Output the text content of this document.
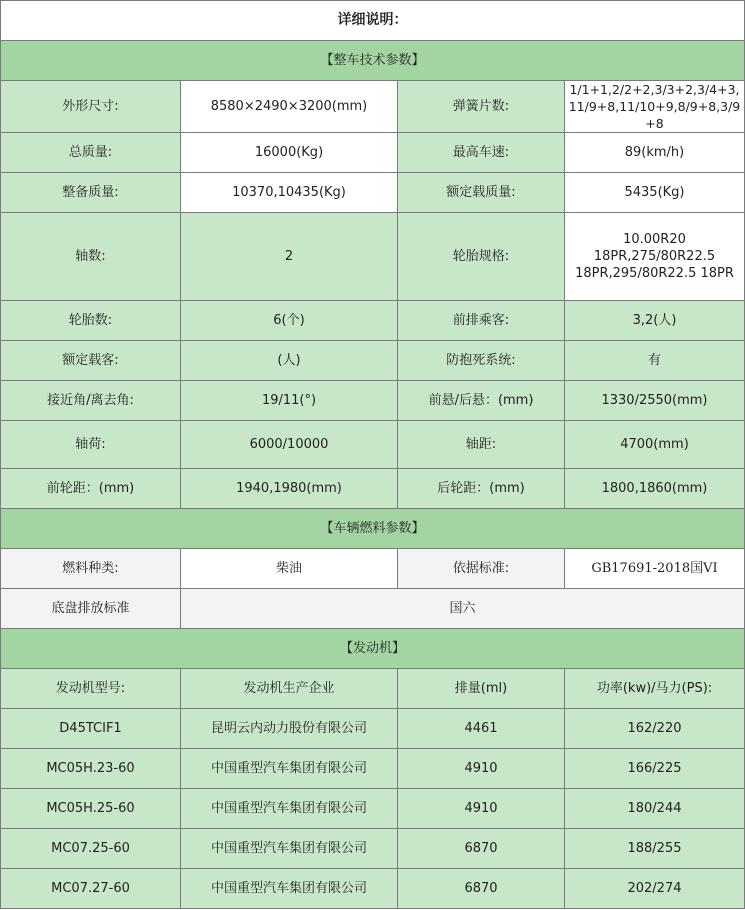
详细说明：			
【整车技术参数】			
外形尺寸:	8580×2490×3200(mm)	弹簧片数:	1/1+1,2/2+2,3/3+2,3/4+3,11/9+8,11/10+9,8/9+8,3/9+8
总质量:	16000(Kg)	最高车速:	89(km/h)
整备质量:	10370,10435(Kg)	额定载质量:	5435(Kg)
轴数:	2	轮胎规格:	10.00R20 18PR,275/80R22.5 18PR,295/80R22.5 18PR
轮胎数:	6(个)	前排乘客:	3,2(人)
额定载客:	(人)	防抱死系统:	有
接近角/离去角:	19/11(°)	前悬/后悬：(mm)	1330/2550(mm)
轴荷:	6000/10000	轴距:	4700(mm)
前轮距：(mm)	1940,1980(mm)	后轮距：(mm)	1800,1860(mm)
【车辆燃料参数】			
燃料种类:	柴油	依据标准:	GB17691-2018国VI
底盘排放标准	国六		
【发动机】			
发动机型号:	发动机生产企业	排量(ml)	功率(kw)/马力(PS):
D45TCIF1	昆明云内动力股份有限公司	4461	162/220
MC05H.23-60	中国重型汽车集团有限公司	4910	166/225
MC05H.25-60	中国重型汽车集团有限公司	4910	180/244
MC07.25-60	中国重型汽车集团有限公司	6870	188/255
MC07.27-60	中国重型汽车集团有限公司	6870	202/274
